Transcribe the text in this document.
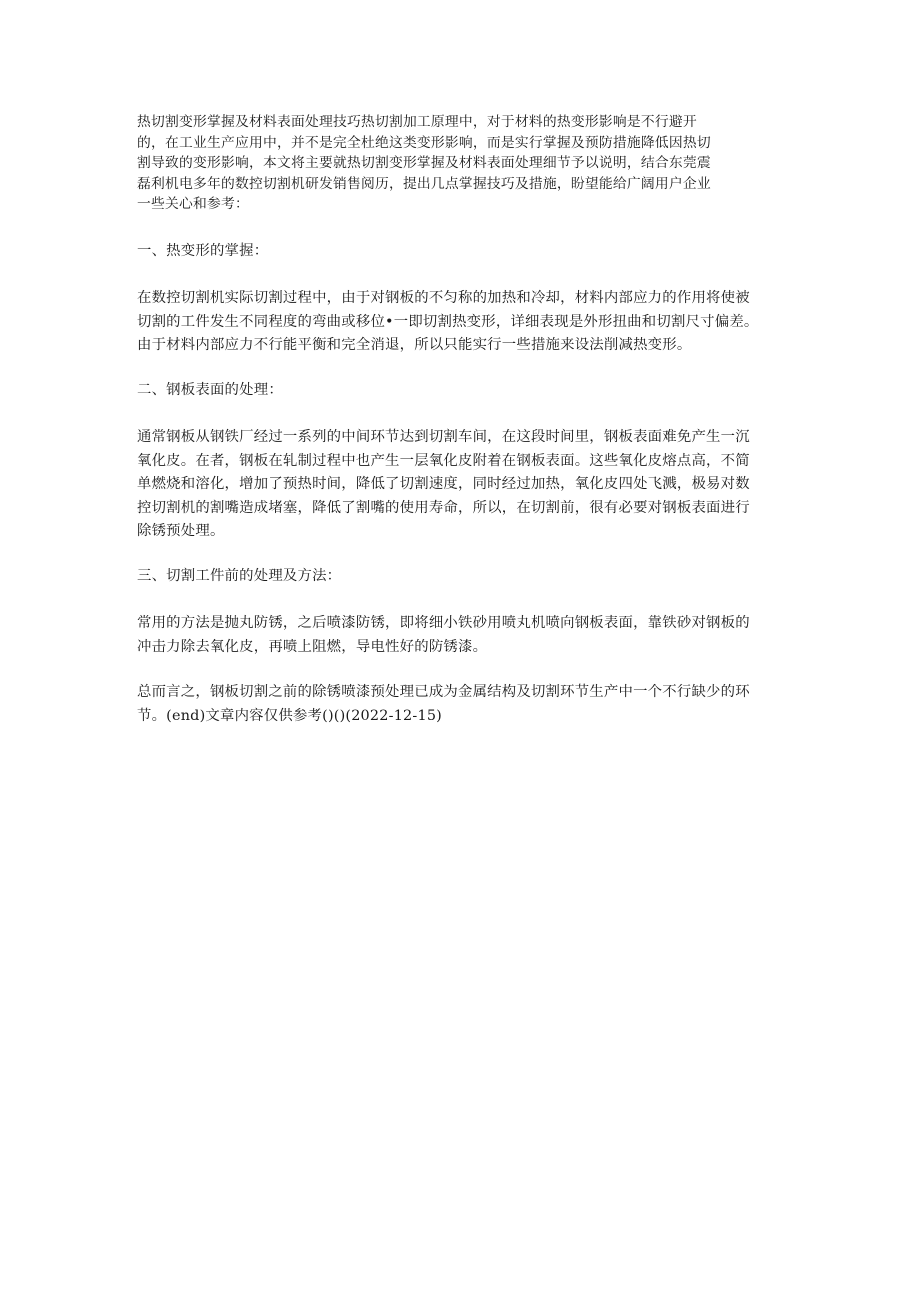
热切割变形掌握及材料表面处理技巧热切割加工原理中，对于材料的热变形影响是不行避开
的，在工业生产应用中，并不是完全杜绝这类变形影响，而是实行掌握及预防措施降低因热切
割导致的变形影响，本文将主要就热切割变形掌握及材料表面处理细节予以说明，结合东莞震
磊利机电多年的数控切割机研发销售阅历，提出几点掌握技巧及措施，盼望能给广阔用户企业
一些关心和参考：
一、热变形的掌握：
在数控切割机实际切割过程中，由于对钢板的不匀称的加热和冷却，材料内部应力的作用将使被
切割的工件发生不同程度的弯曲或移位•一即切割热变形，详细表现是外形扭曲和切割尺寸偏差。
由于材料内部应力不行能平衡和完全消退，所以只能实行一些措施来设法削减热变形。
二、钢板表面的处理：
通常钢板从钢铁厂经过一系列的中间环节达到切割车间，在这段时间里，钢板表面难免产生一沉
氧化皮。在者，钢板在轧制过程中也产生一层氧化皮附着在钢板表面。这些氧化皮熔点高，不简
单燃烧和溶化，增加了预热时间，降低了切割速度，同时经过加热，氧化皮四处飞溅，极易对数
控切割机的割嘴造成堵塞，降低了割嘴的使用寿命，所以，在切割前，很有必要对钢板表面进行
除锈预处理。
三、切割工件前的处理及方法：
常用的方法是抛丸防锈，之后喷漆防锈，即将细小铁砂用喷丸机喷向钢板表面，靠铁砂对钢板的
冲击力除去氧化皮，再喷上阻燃，导电性好的防锈漆。
总而言之，钢板切割之前的除锈喷漆预处理已成为金属结构及切割环节生产中一个不行缺少的环
节。(end)文章内容仅供参考()()(2022-12-15)
